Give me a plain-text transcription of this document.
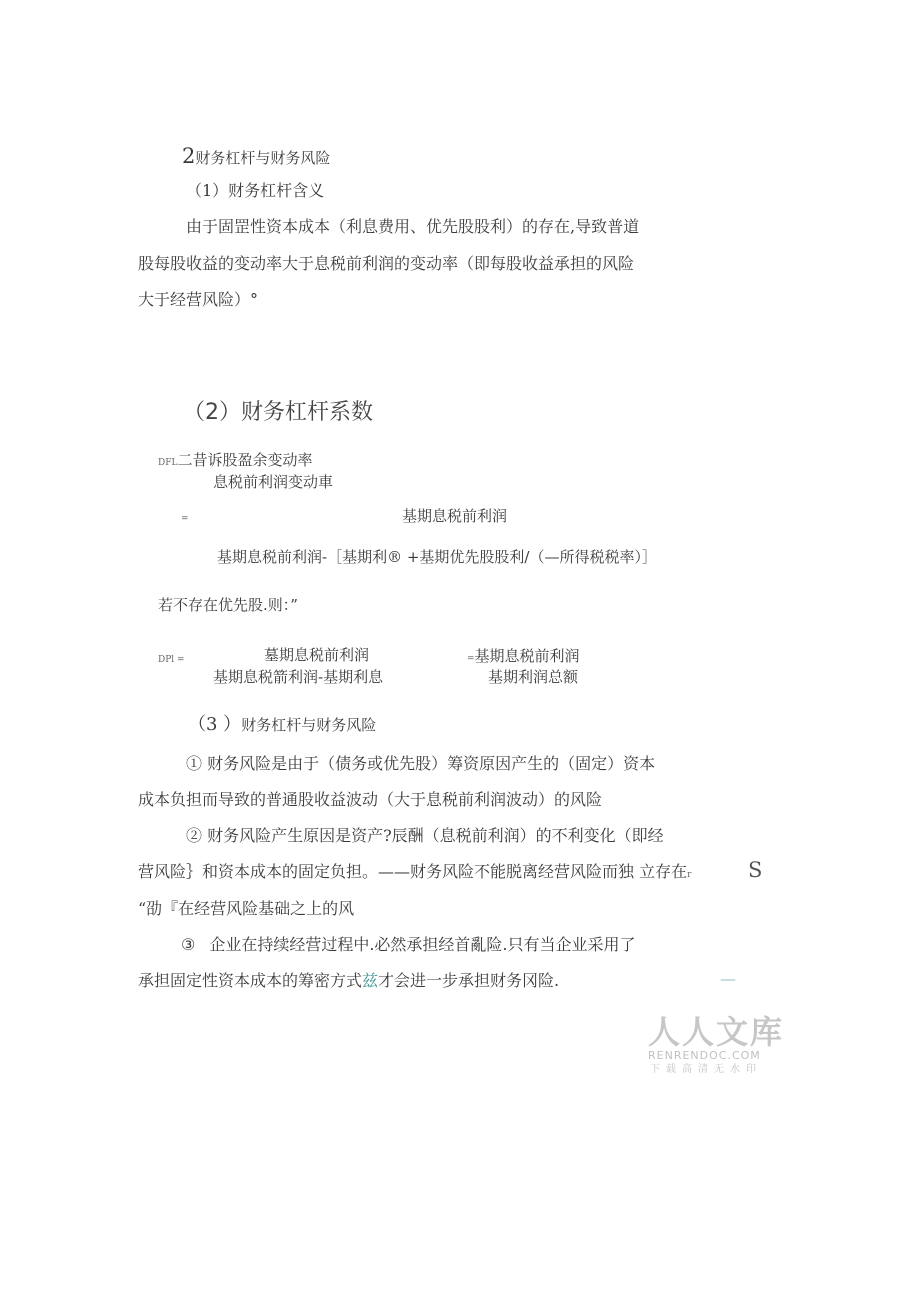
2财务杠杆与财务风险
（1）财务杠杆含义
由于固罡性资本成本（利息费用、优先股股利）的存在,导致普道
股每股收益的变动率大于息税前利润的变动率（即每股收益承担的风险
大于经营风险）°
（2）财务杠杆系数
DFL二昔诉股盈余变动率
息税前利润变动車
=	基期息税前利润
基期息税前利润-［基期利® +基期优先股股利/（—所得税税率）］
若不存在优先股.则：”
DPl =	墓期息税前利润
基期息税箭利润-基期利息
=基期息税前利润
基期利润总额
（3 ）财务杠杆与财务风险
① 财务风险是由于（债务或优先股）筹资原因产生的（固定）资本
成本负担而导致的普通股收益波动（大于息税前利润波动）的风险
② 财务风险产生原因是资产?辰酬（息税前利润）的不利变化（即经
营风险｝和资本成本的固定负担。——财务风险不能脱离经营风险而独 立存在r	S
“劭『在经营风险基础之上的风
③ 企业在持续经营过程中.必然承担经首亂险.只有当企业采用了
承担固定性资本成本的筹密方式兹才会进一步承担财务冈险.	—
人人文库
RENRENDOC.COM
下载高清无水印
